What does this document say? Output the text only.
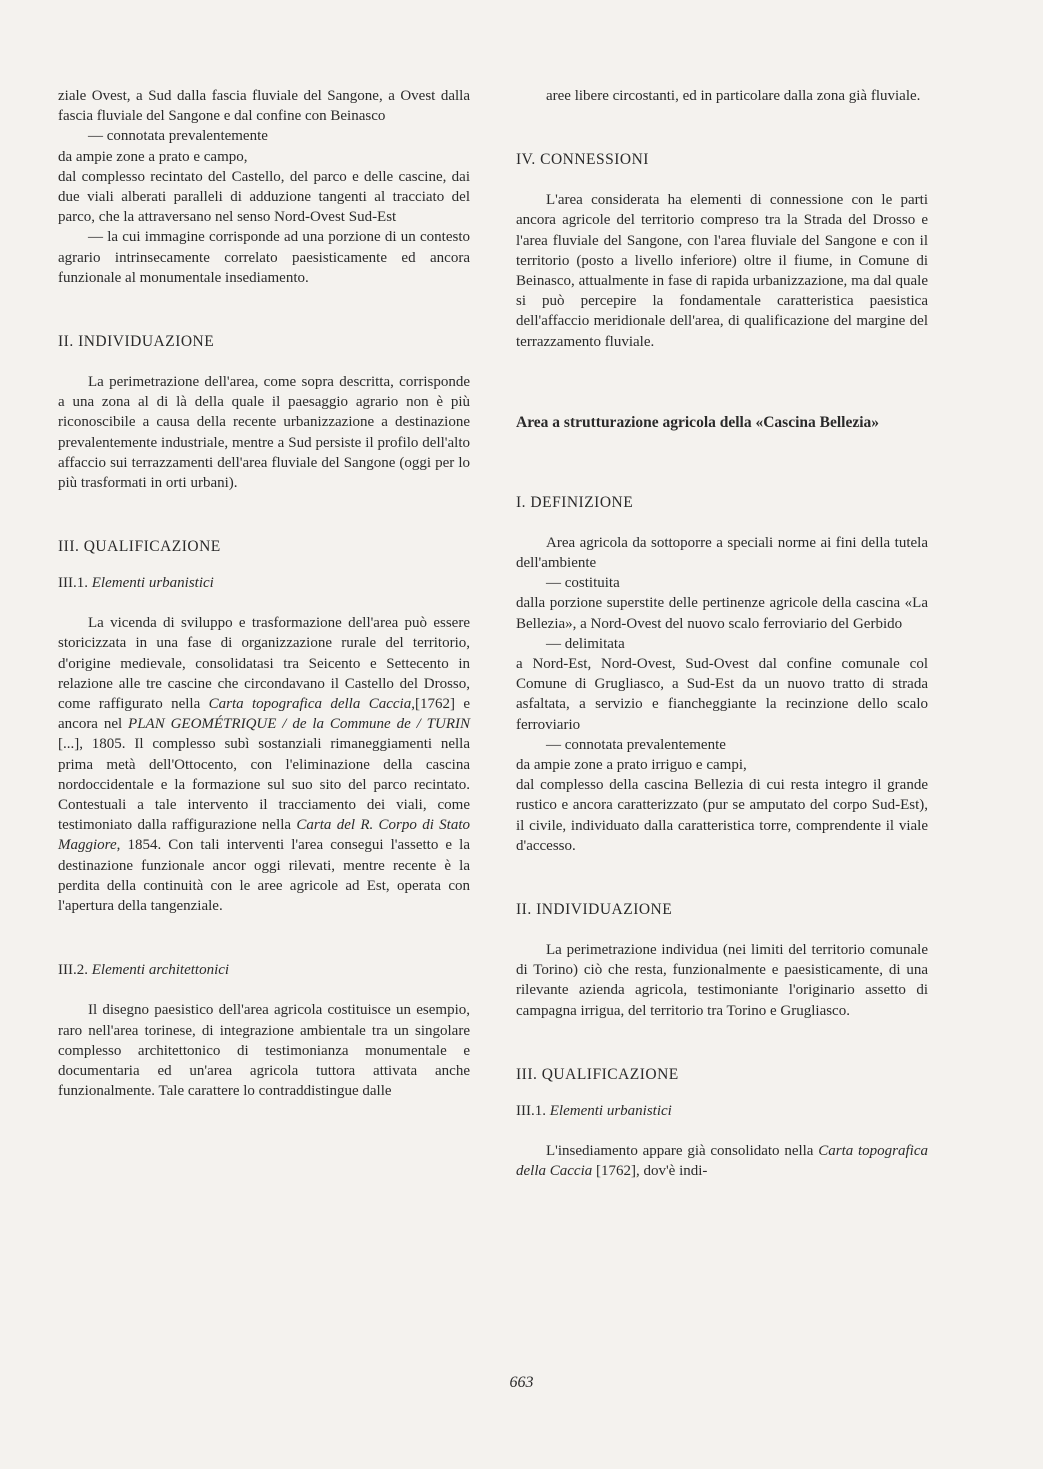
ziale Ovest, a Sud dalla fascia fluviale del Sangone, a Ovest dalla fascia fluviale del Sangone e dal confine con Beinasco

— connotata prevalentemente

da ampie zone a prato e campo,

dal complesso recintato del Castello, del parco e delle cascine, dai due viali alberati paralleli di adduzione tangenti al tracciato del parco, che la attraversano nel senso Nord-Ovest Sud-Est

— la cui immagine corrisponde ad una porzione di un contesto agrario intrinsecamente correlato paesisticamente ed ancora funzionale al monumentale insediamento.

II. INDIVIDUAZIONE

La perimetrazione dell'area, come sopra descritta, corrisponde a una zona al di là della quale il paesaggio agrario non è più riconoscibile a causa della recente urbanizzazione a destinazione prevalentemente industriale, mentre a Sud persiste il profilo dell'alto affaccio sui terrazzamenti dell'area fluviale del Sangone (oggi per lo più trasformati in orti urbani).

III. QUALIFICAZIONE

III.1. Elementi urbanistici

La vicenda di sviluppo e trasformazione dell'area può essere storicizzata in una fase di organizzazione rurale del territorio, d'origine medievale, consolidatasi tra Seicento e Settecento in relazione alle tre cascine che circondavano il Castello del Drosso, come raffigurato nella Carta topografica della Caccia,[1762] e ancora nel PLAN GEOMÉTRIQUE / de la Commune de / TURIN [...], 1805. Il complesso subì sostanziali rimaneggiamenti nella prima metà dell'Ottocento, con l'eliminazione della cascina nordoccidentale e la formazione sul suo sito del parco recintato. Contestuali a tale intervento il tracciamento dei viali, come testimoniato dalla raffigurazione nella Carta del R. Corpo di Stato Maggiore, 1854. Con tali interventi l'area consegui l'assetto e la destinazione funzionale ancor oggi rilevati, mentre recente è la perdita della continuità con le aree agricole ad Est, operata con l'apertura della tangenziale.

III.2. Elementi architettonici

Il disegno paesistico dell'area agricola costituisce un esempio, raro nell'area torinese, di integrazione ambientale tra un singolare complesso architettonico di testimonianza monumentale e documentaria ed un'area agricola tuttora attivata anche funzionalmente. Tale carattere lo contraddistingue dalle

aree libere circostanti, ed in particolare dalla zona già fluviale.

IV. CONNESSIONI

L'area considerata ha elementi di connessione con le parti ancora agricole del territorio compreso tra la Strada del Drosso e l'area fluviale del Sangone, con l'area fluviale del Sangone e con il territorio (posto a livello inferiore) oltre il fiume, in Comune di Beinasco, attualmente in fase di rapida urbanizzazione, ma dal quale si può percepire la fondamentale caratteristica paesistica dell'affaccio meridionale dell'area, di qualificazione del margine del terrazzamento fluviale.

Area a strutturazione agricola della «Cascina Bellezia»

I. DEFINIZIONE

Area agricola da sottoporre a speciali norme ai fini della tutela dell'ambiente

— costituita

dalla porzione superstite delle pertinenze agricole della cascina «La Bellezia», a Nord-Ovest del nuovo scalo ferroviario del Gerbido

— delimitata

a Nord-Est, Nord-Ovest, Sud-Ovest dal confine comunale col Comune di Grugliasco, a Sud-Est da un nuovo tratto di strada asfaltata, a servizio e fiancheggiante la recinzione dello scalo ferroviario

— connotata prevalentemente

da ampie zone a prato irriguo e campi,

dal complesso della cascina Bellezia di cui resta integro il grande rustico e ancora caratterizzato (pur se amputato del corpo Sud-Est), il civile, individuato dalla caratteristica torre, comprendente il viale d'accesso.

II. INDIVIDUAZIONE

La perimetrazione individua (nei limiti del territorio comunale di Torino) ciò che resta, funzionalmente e paesisticamente, di una rilevante azienda agricola, testimoniante l'originario assetto di campagna irrigua, del territorio tra Torino e Grugliasco.

III. QUALIFICAZIONE

III.1. Elementi urbanistici

L'insediamento appare già consolidato nella Carta topografica della Caccia [1762], dov'è indi-

663
